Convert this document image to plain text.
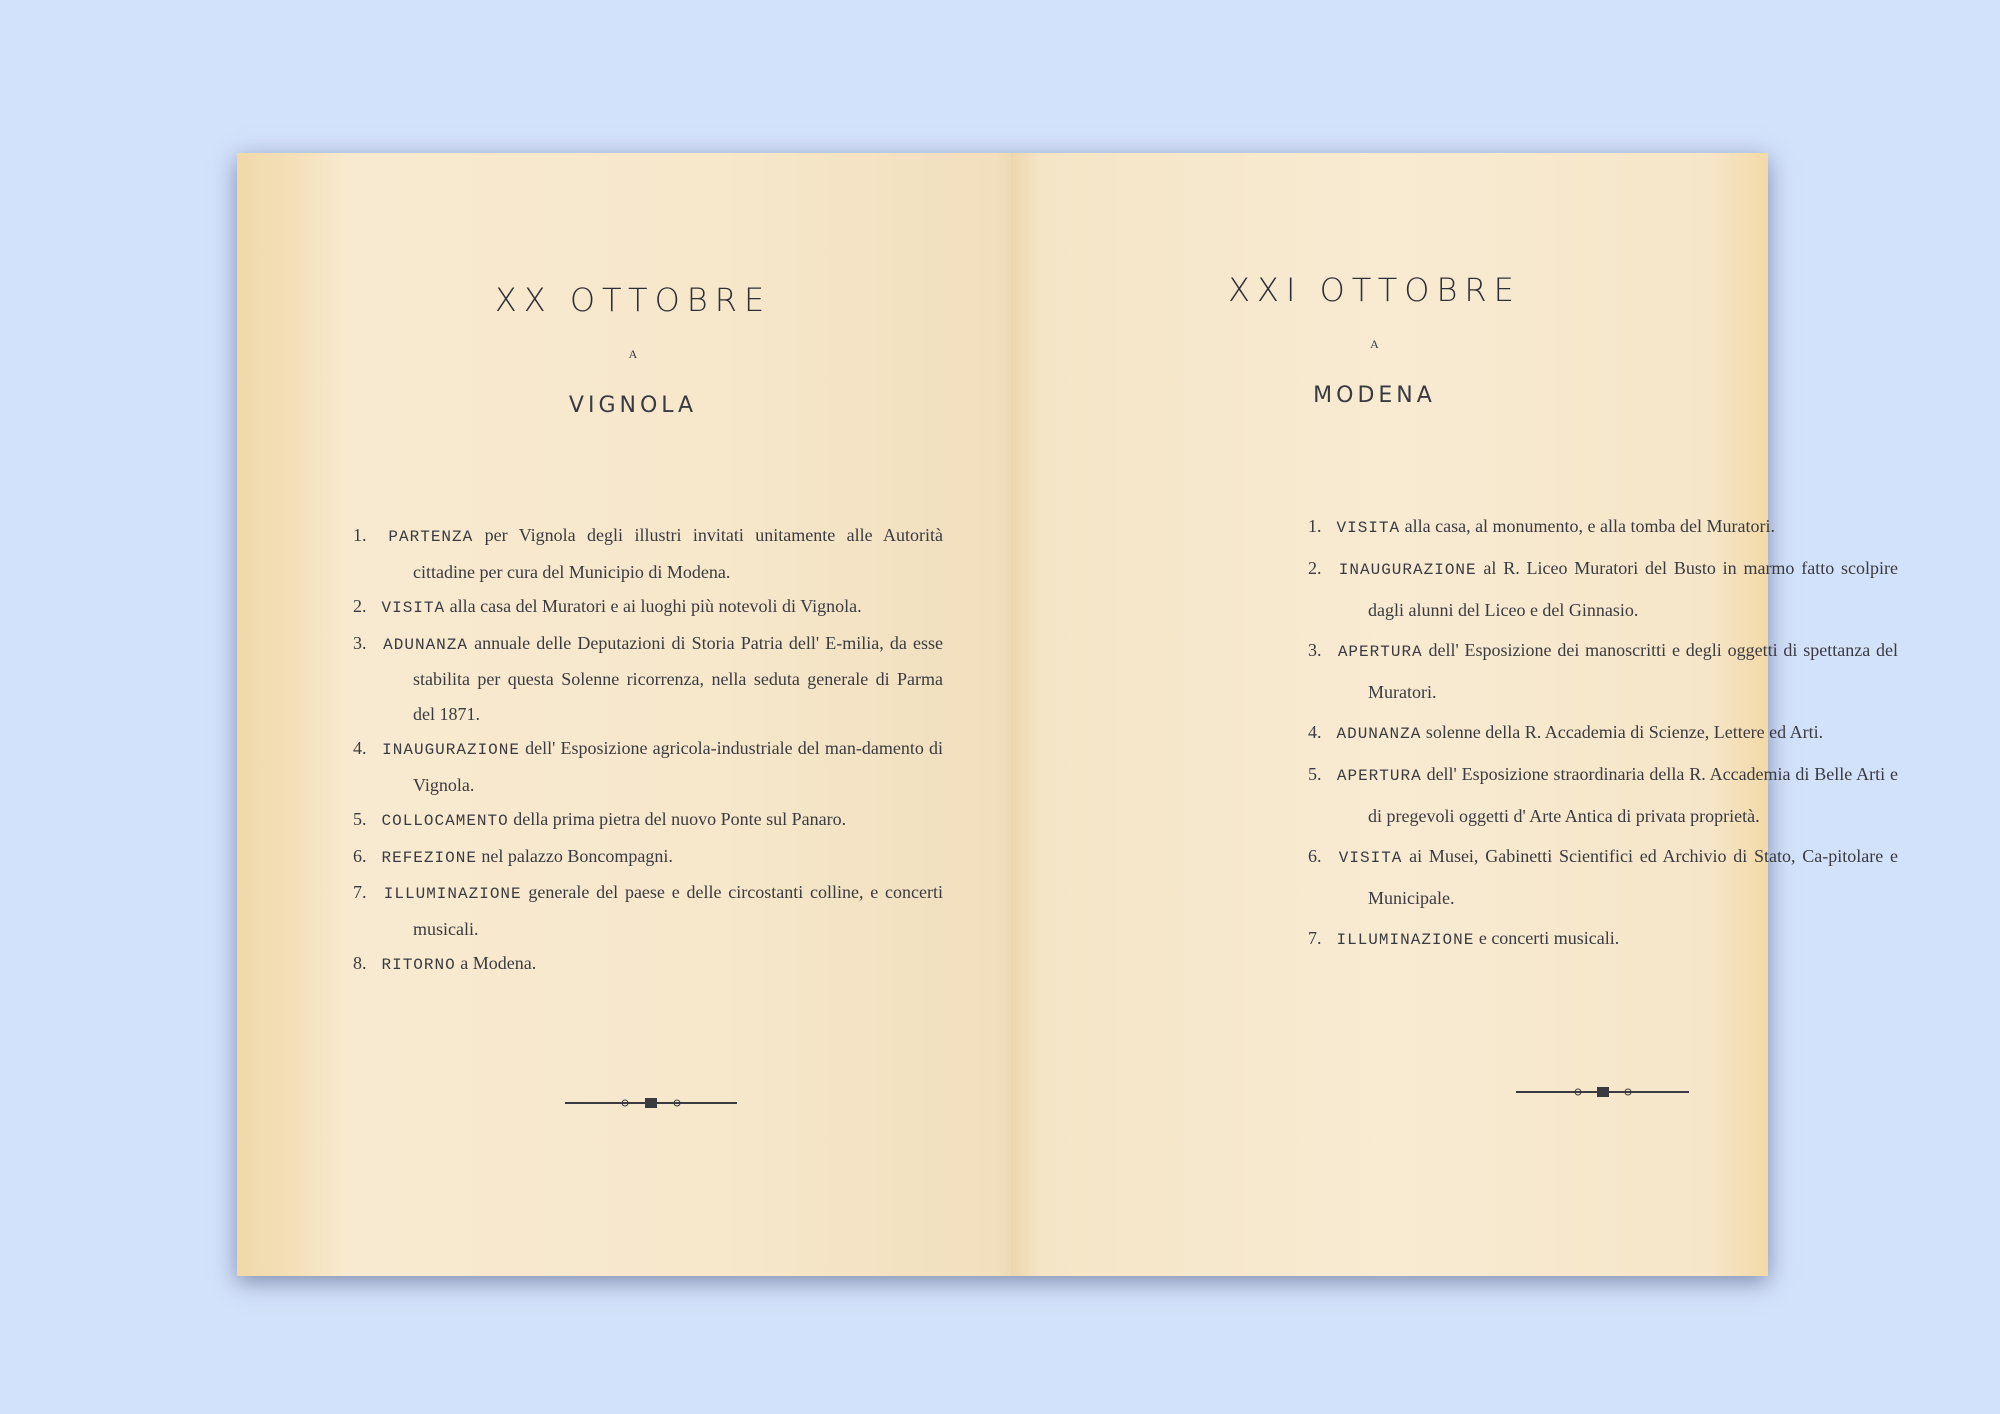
XX OTTOBRE
A
VIGNOLA
1. PARTENZA per Vignola degli illustri invitati unitamente alle Autorità cittadine per cura del Municipio di Modena.
2. VISITA alla casa del Muratori e ai luoghi più notevoli di Vignola.
3. ADUNANZA annuale delle Deputazioni di Storia Patria dell' E-milia, da esse stabilita per questa Solenne ricorrenza, nella seduta generale di Parma del 1871.
4. INAUGURAZIONE dell' Esposizione agricola-industriale del man-damento di Vignola.
5. COLLOCAMENTO della prima pietra del nuovo Ponte sul Panaro.
6. REFEZIONE nel palazzo Boncompagni.
7. ILLUMINAZIONE generale del paese e delle circostanti colline, e concerti musicali.
8. RITORNO a Modena.
XXI OTTOBRE
A
MODENA
1. VISITA alla casa, al monumento, e alla tomba del Muratori.
2. INAUGURAZIONE al R. Liceo Muratori del Busto in marmo fatto scolpire dagli alunni del Liceo e del Ginnasio.
3. APERTURA dell' Esposizione dei manoscritti e degli oggetti di spettanza del Muratori.
4. ADUNANZA solenne della R. Accademia di Scienze, Lettere ed Arti.
5. APERTURA dell' Esposizione straordinaria della R. Accademia di Belle Arti e di pregevoli oggetti d' Arte Antica di privata proprietà.
6. VISITA ai Musei, Gabinetti Scientifici ed Archivio di Stato, Ca-pitolare e Municipale.
7. ILLUMINAZIONE e concerti musicali.
